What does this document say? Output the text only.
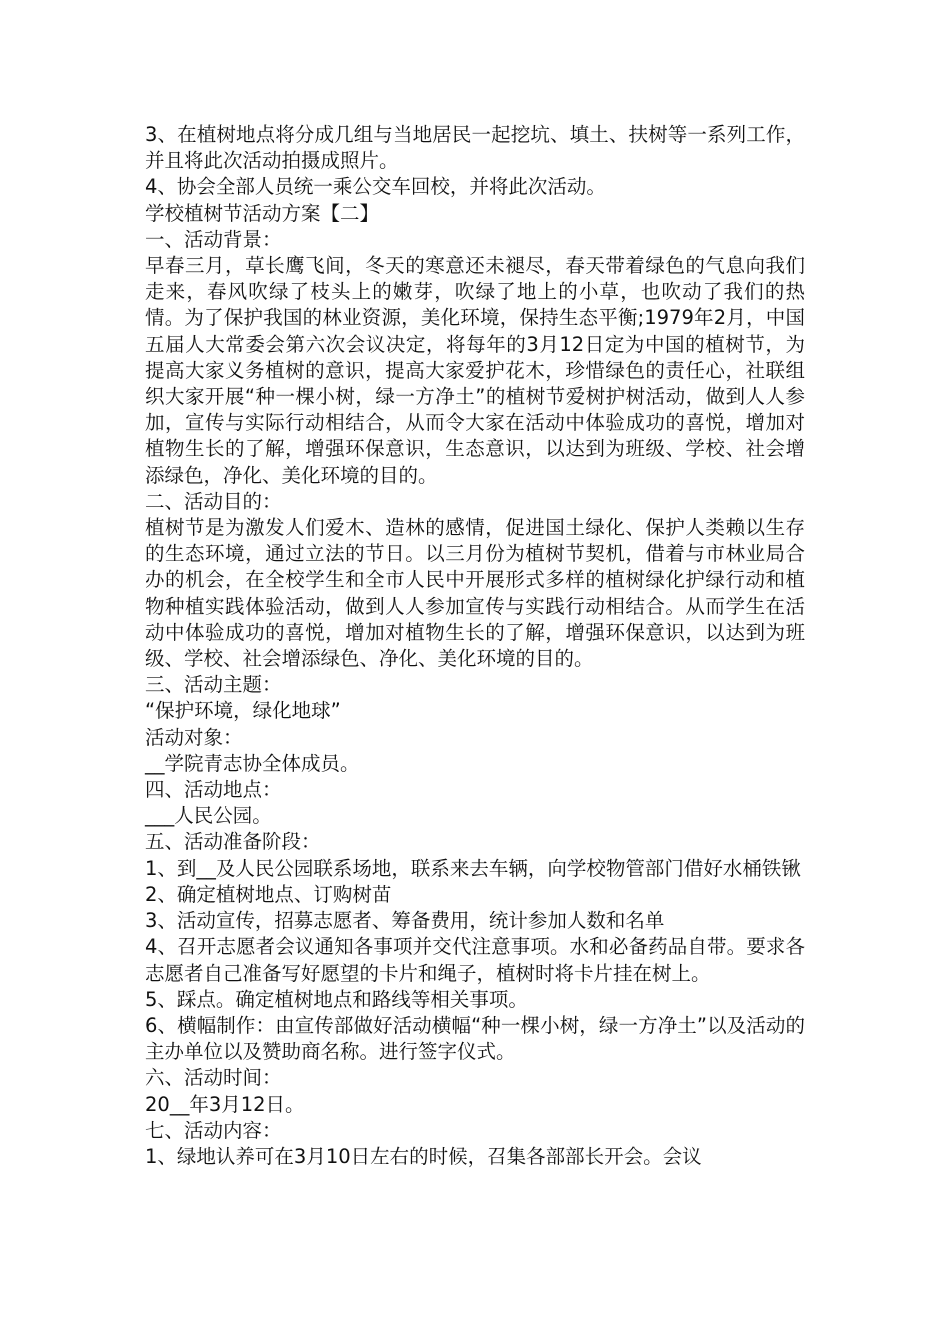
3、在植树地点将分成几组与当地居民一起挖坑、填土、扶树等一系列工作，并且将此次活动拍摄成照片。

4、协会全部人员统一乘公交车回校，并将此次活动。

学校植树节活动方案【二】

一、活动背景：

早春三月，草长鹰飞间，冬天的寒意还未褪尽，春天带着绿色的气息向我们走来，春风吹绿了枝头上的嫩芽，吹绿了地上的小草，也吹动了我们的热情。为了保护我国的林业资源，美化环境，保持生态平衡;1979年2月，中国五届人大常委会第六次会议决定，将每年的3月12日定为中国的植树节，为提高大家义务植树的意识，提高大家爱护花木，珍惜绿色的责任心，社联组织大家开展“种一棵小树，绿一方净土”的植树节爱树护树活动，做到人人参加，宣传与实际行动相结合，从而令大家在活动中体验成功的喜悦，增加对植物生长的了解，增强环保意识，生态意识，以达到为班级、学校、社会增添绿色，净化、美化环境的目的。

二、活动目的：

植树节是为激发人们爱木、造林的感情，促进国土绿化、保护人类赖以生存的生态环境，通过立法的节日。以三月份为植树节契机，借着与市林业局合办的机会，在全校学生和全市人民中开展形式多样的植树绿化护绿行动和植物种植实践体验活动，做到人人参加宣传与实践行动相结合。从而学生在活动中体验成功的喜悦，增加对植物生长的了解，增强环保意识，以达到为班级、学校、社会增添绿色、净化、美化环境的目的。

三、活动主题：

“保护环境，绿化地球”

活动对象：

__学院青志协全体成员。

四、活动地点：

___人民公园。

五、活动准备阶段：

1、到__及人民公园联系场地，联系来去车辆，向学校物管部门借好水桶铁锹

2、确定植树地点、订购树苗

3、活动宣传，招募志愿者、筹备费用，统计参加人数和名单

4、召开志愿者会议通知各事项并交代注意事项。水和必备药品自带。要求各志愿者自己准备写好愿望的卡片和绳子，植树时将卡片挂在树上。

5、踩点。确定植树地点和路线等相关事项。

6、横幅制作：由宣传部做好活动横幅“种一棵小树，绿一方净土”以及活动的主办单位以及赞助商名称。进行签字仪式。

六、活动时间：

20__年3月12日。

七、活动内容：

1、绿地认养可在3月10日左右的时候，召集各部部长开会。会议
